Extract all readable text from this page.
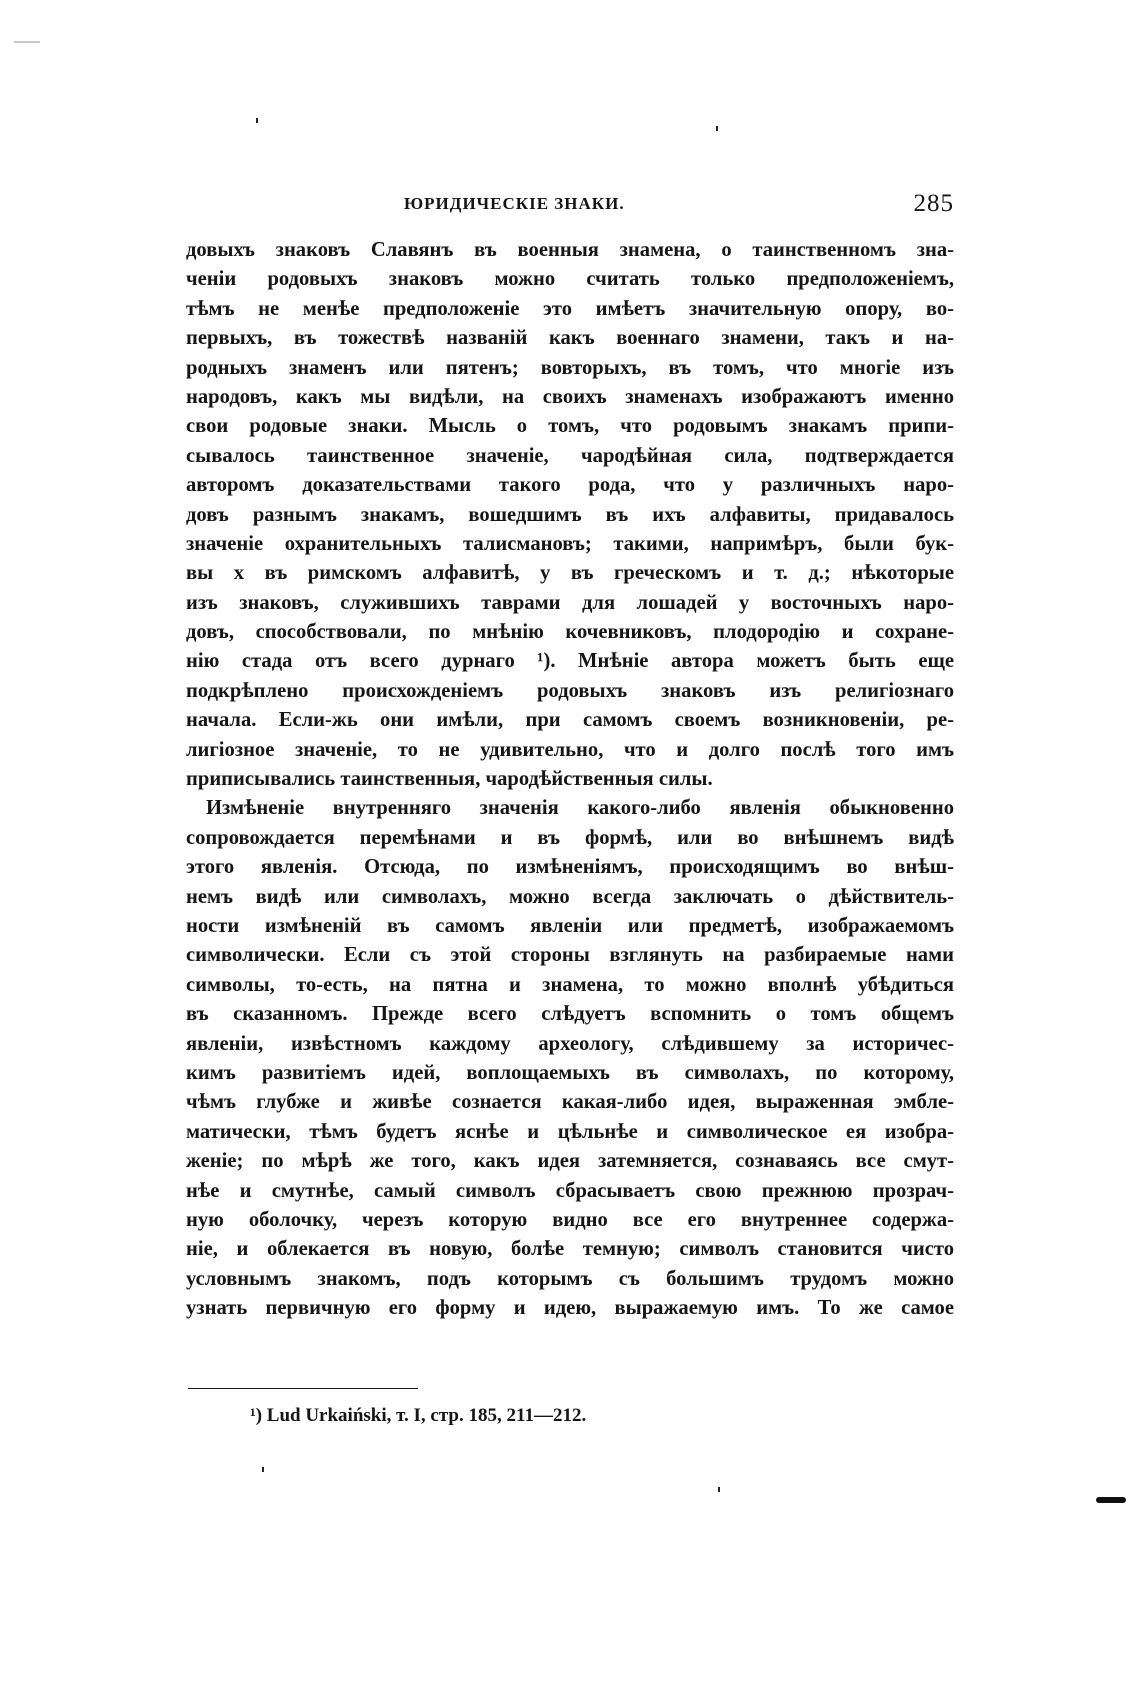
ЮРИДИЧЕСКІЕ ЗНАКИ.	285
довыхъ знаковъ Славянъ въ военныя знамена, о таинственномъ зна-
ченіи родовыхъ знаковъ можно считать только предположеніемъ,
тѣмъ не менѣе предположеніе это имѣетъ значительную опору, во-
первыхъ, въ тожествѣ названій какъ военнаго знамени, такъ и на-
родныхъ знаменъ или пятенъ; вовторыхъ, въ томъ, что многіе изъ
народовъ, какъ мы видѣли, на своихъ знаменахъ изображаютъ именно
свои родовые знаки. Мысль о томъ, что родовымъ знакамъ припи-
сывалось таинственное значеніе, чародѣйная сила, подтверждается
авторомъ доказательствами такого рода, что у различныхъ наро-
довъ разнымъ знакамъ, вошедшимъ въ ихъ алфавиты, придавалось
значеніе охранительныхъ талисмановъ; такими, напримѣръ, были бук-
вы x въ римскомъ алфавитѣ, y въ греческомъ и т. д.; нѣкоторые
изъ знаковъ, служившихъ таврами для лошадей у восточныхъ наро-
довъ, способствовали, по мнѣнію кочевниковъ, плодородію и сохране-
нію стада отъ всего дурнаго ¹). Мнѣніе автора можетъ быть еще
подкрѣплено происхожденіемъ родовыхъ знаковъ изъ религіознаго
начала. Если-жь они имѣли, при самомъ своемъ возникновеніи, ре-
лигіозное значеніе, то не удивительно, что и долго послѣ того имъ
приписывались таинственныя, чародѣйственныя силы.
Измѣненіе внутренняго значенія какого-либо явленія обыкновенно
сопровождается перемѣнами и въ формѣ, или во внѣшнемъ видѣ
этого явленія. Отсюда, по измѣненіямъ, происходящимъ во внѣш-
немъ видѣ или символахъ, можно всегда заключать о дѣйствитель-
ности измѣненій въ самомъ явленіи или предметѣ, изображаемомъ
символически. Если съ этой стороны взглянуть на разбираемые нами
символы, то-есть, на пятна и знамена, то можно вполнѣ убѣдиться
въ сказанномъ. Прежде всего слѣдуетъ вспомнить о томъ общемъ
явленіи, извѣстномъ каждому археологу, слѣдившему за историчес-
кимъ развитіемъ идей, воплощаемыхъ въ символахъ, по которому,
чѣмъ глубже и живѣе сознается какая-либо идея, выраженная эмбле-
матически, тѣмъ будетъ яснѣе и цѣльнѣе и символическое ея изобра-
женіе; по мѣрѣ же того, какъ идея затемняется, сознаваясь все смут-
нѣе и смутнѣе, самый символъ сбрасываетъ свою прежнюю прозрач-
ную оболочку, черезъ которую видно все его внутреннее содержа-
ніе, и облекается въ новую, болѣе темную; символъ становится чисто
условнымъ знакомъ, подъ которымъ съ большимъ трудомъ можно
узнать первичную его форму и идею, выражаемую имъ. То же самое
¹) Lud Urkaiński, т. I, стр. 185, 211—212.
